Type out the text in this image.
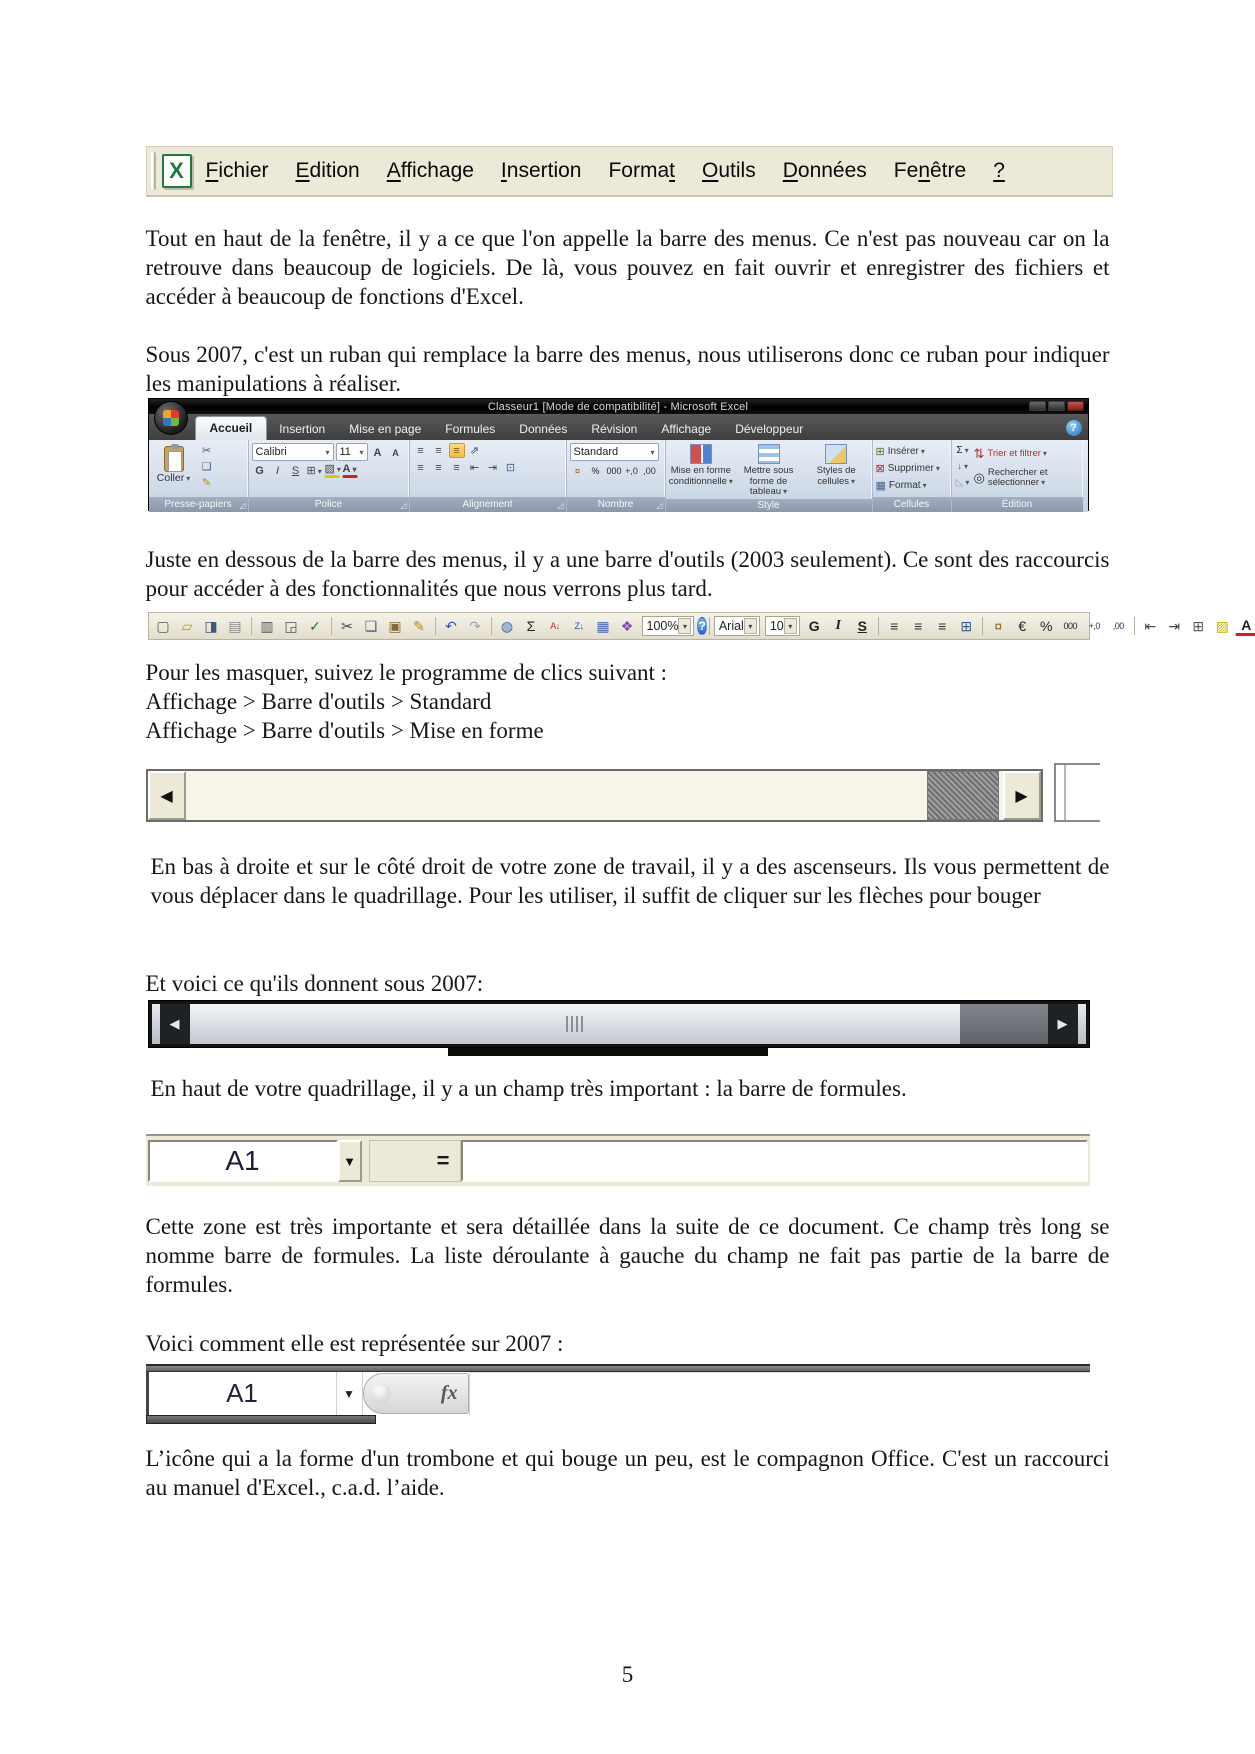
X	Fichier Edition Affichage Insertion Format Outils Données Fenêtre ?

Tout en haut de la fenêtre, il y a ce que l'on appelle la barre des menus. Ce n'est pas nouveau car on la retrouve dans beaucoup de logiciels. De là, vous pouvez en fait ouvrir et enregistrer des fichiers et accéder à beaucoup de fonctions d'Excel.

Sous 2007, c'est un ruban qui remplace la barre des menus, nous utiliserons donc ce ruban pour indiquer les manipulations à réaliser.

Classeur1 [Mode de compatibilité] - Microsoft Excel
Accueil	Insertion	Mise en page	Formules	Données	Révision	Affichage	Développeur	?
Coller ▾
✂
❏
✎
Presse-papiers ◿
Calibri	▾ 11 ▾ A	A
G	I	S ⊞ ▾ ▨ ▾ A ▾
Police	◿
≡	≡	≡ ⇗
≡	≡	≡ ⇤ ⇥ ⊡
Alignement	◿
Standard	▾
¤	% 000 +,0 ,00
Nombre	◿
Mise en forme conditionnelle ▾
Mettre sous forme de tableau ▾
Styles de cellules ▾
Style
⊞ Insérer ▾
⊠ Supprimer ▾
▦ Format ▾
Cellules
Σ ▾
↓ ▾
◺ ▾
⇅ Trier et filtrer ▾
◎ Rechercher et sélectionner ▾
Édition

Juste en dessous de la barre des menus, il y a une barre d'outils (2003 seulement). Ce sont des raccourcis pour accéder à des fonctionnalités que nous verrons plus tard.

▢ ▱ ◨ ▤ ▥ ◲ ✓ ✂ ❏ ▣ ✎ ↶ ↷ ◍ Σ A↓ Z↓ ▦ ❖ 100% ▾ ? Arial ▾	10 ▾	G I S ≡ ≡ ≡ ⊞ ¤ € % 000 +,0 ,00 ⇤ ⇥ ⊞ ▨ A
Pour les masquer, suivez le programme de clics suivant :
Affichage > Barre d'outils > Standard
Affichage > Barre d'outils > Mise en forme
◀	▶

En bas à droite et sur le côté droit de votre zone de travail, il y a des ascenseurs. Ils vous permettent de vous déplacer dans le quadrillage. Pour les utiliser, il suffit de cliquer sur les flèches pour bouger

Et voici ce qu'ils donnent sous 2007:

◀	▶

En haut de votre quadrillage, il y a un champ très important : la barre de formules.

A1	▼	=

Cette zone est très importante et sera détaillée dans la suite de ce document. Ce champ très long se nomme barre de formules. La liste déroulante à gauche du champ ne fait pas partie de la barre de formules.

Voici comment elle est représentée sur 2007 :

A1	▼	fx

L’icône qui a la forme d'un trombone et qui bouge un peu, est le compagnon Office. C'est un raccourci au manuel d'Excel., c.a.d. l’aide.

5
